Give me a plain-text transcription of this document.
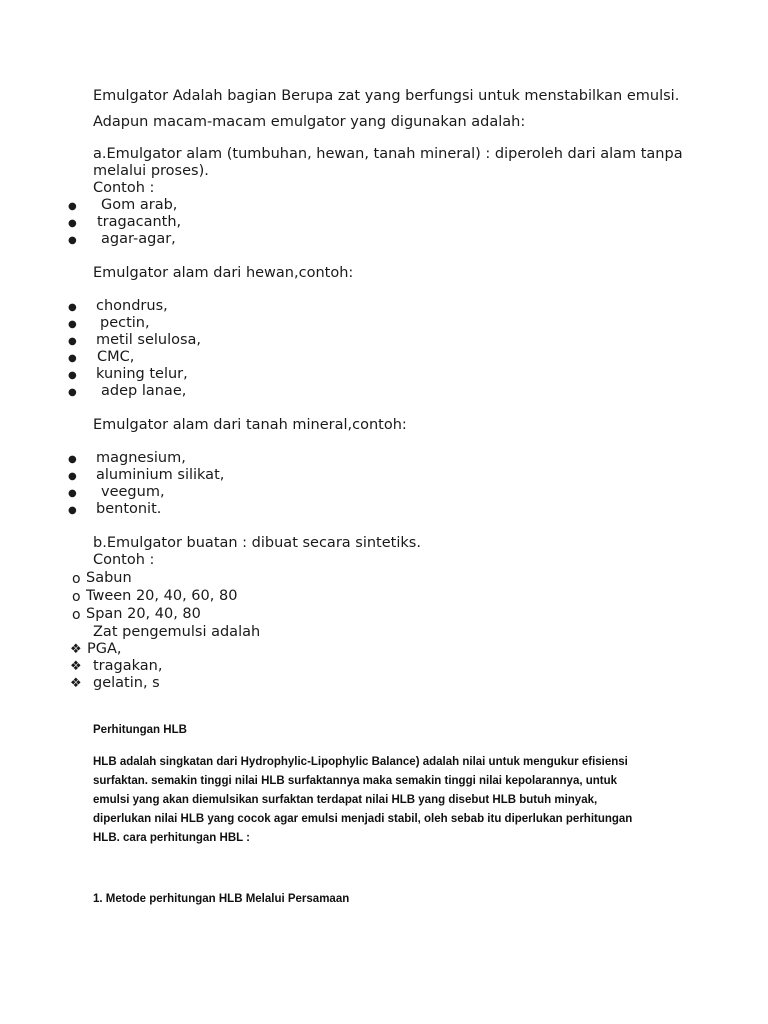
Emulgator Adalah bagian Berupa zat yang berfungsi untuk menstabilkan emulsi.
Adapun macam-macam emulgator yang digunakan adalah:
a.Emulgator alam (tumbuhan, hewan, tanah mineral) : diperoleh dari alam tanpa
melalui proses).
Contoh :
● Gom arab,
● tragacanth,
● agar-agar,
Emulgator alam dari hewan,contoh:
● chondrus,
● pectin,
● metil selulosa,
● CMC,
● kuning telur,
● adep lanae,
Emulgator alam dari tanah mineral,contoh:
● magnesium,
● aluminium silikat,
● veegum,
● bentonit.
b.Emulgator buatan : dibuat secara sintetiks.
Contoh :
o Sabun
o Tween 20, 40, 60, 80
o Span 20, 40, 80
Zat pengemulsi adalah
❖ PGA,
❖ tragakan,
❖ gelatin, s
Perhitungan HLB
HLB adalah singkatan dari Hydrophylic-Lipophylic Balance) adalah nilai untuk mengukur efisiensi
surfaktan. semakin tinggi nilai HLB surfaktannya maka semakin tinggi nilai kepolarannya, untuk
emulsi yang akan diemulsikan surfaktan terdapat nilai HLB yang disebut HLB butuh minyak,
diperlukan nilai HLB yang cocok agar emulsi menjadi stabil, oleh sebab itu diperlukan perhitungan
HLB. cara perhitungan HBL :
1. Metode perhitungan HLB Melalui Persamaan
